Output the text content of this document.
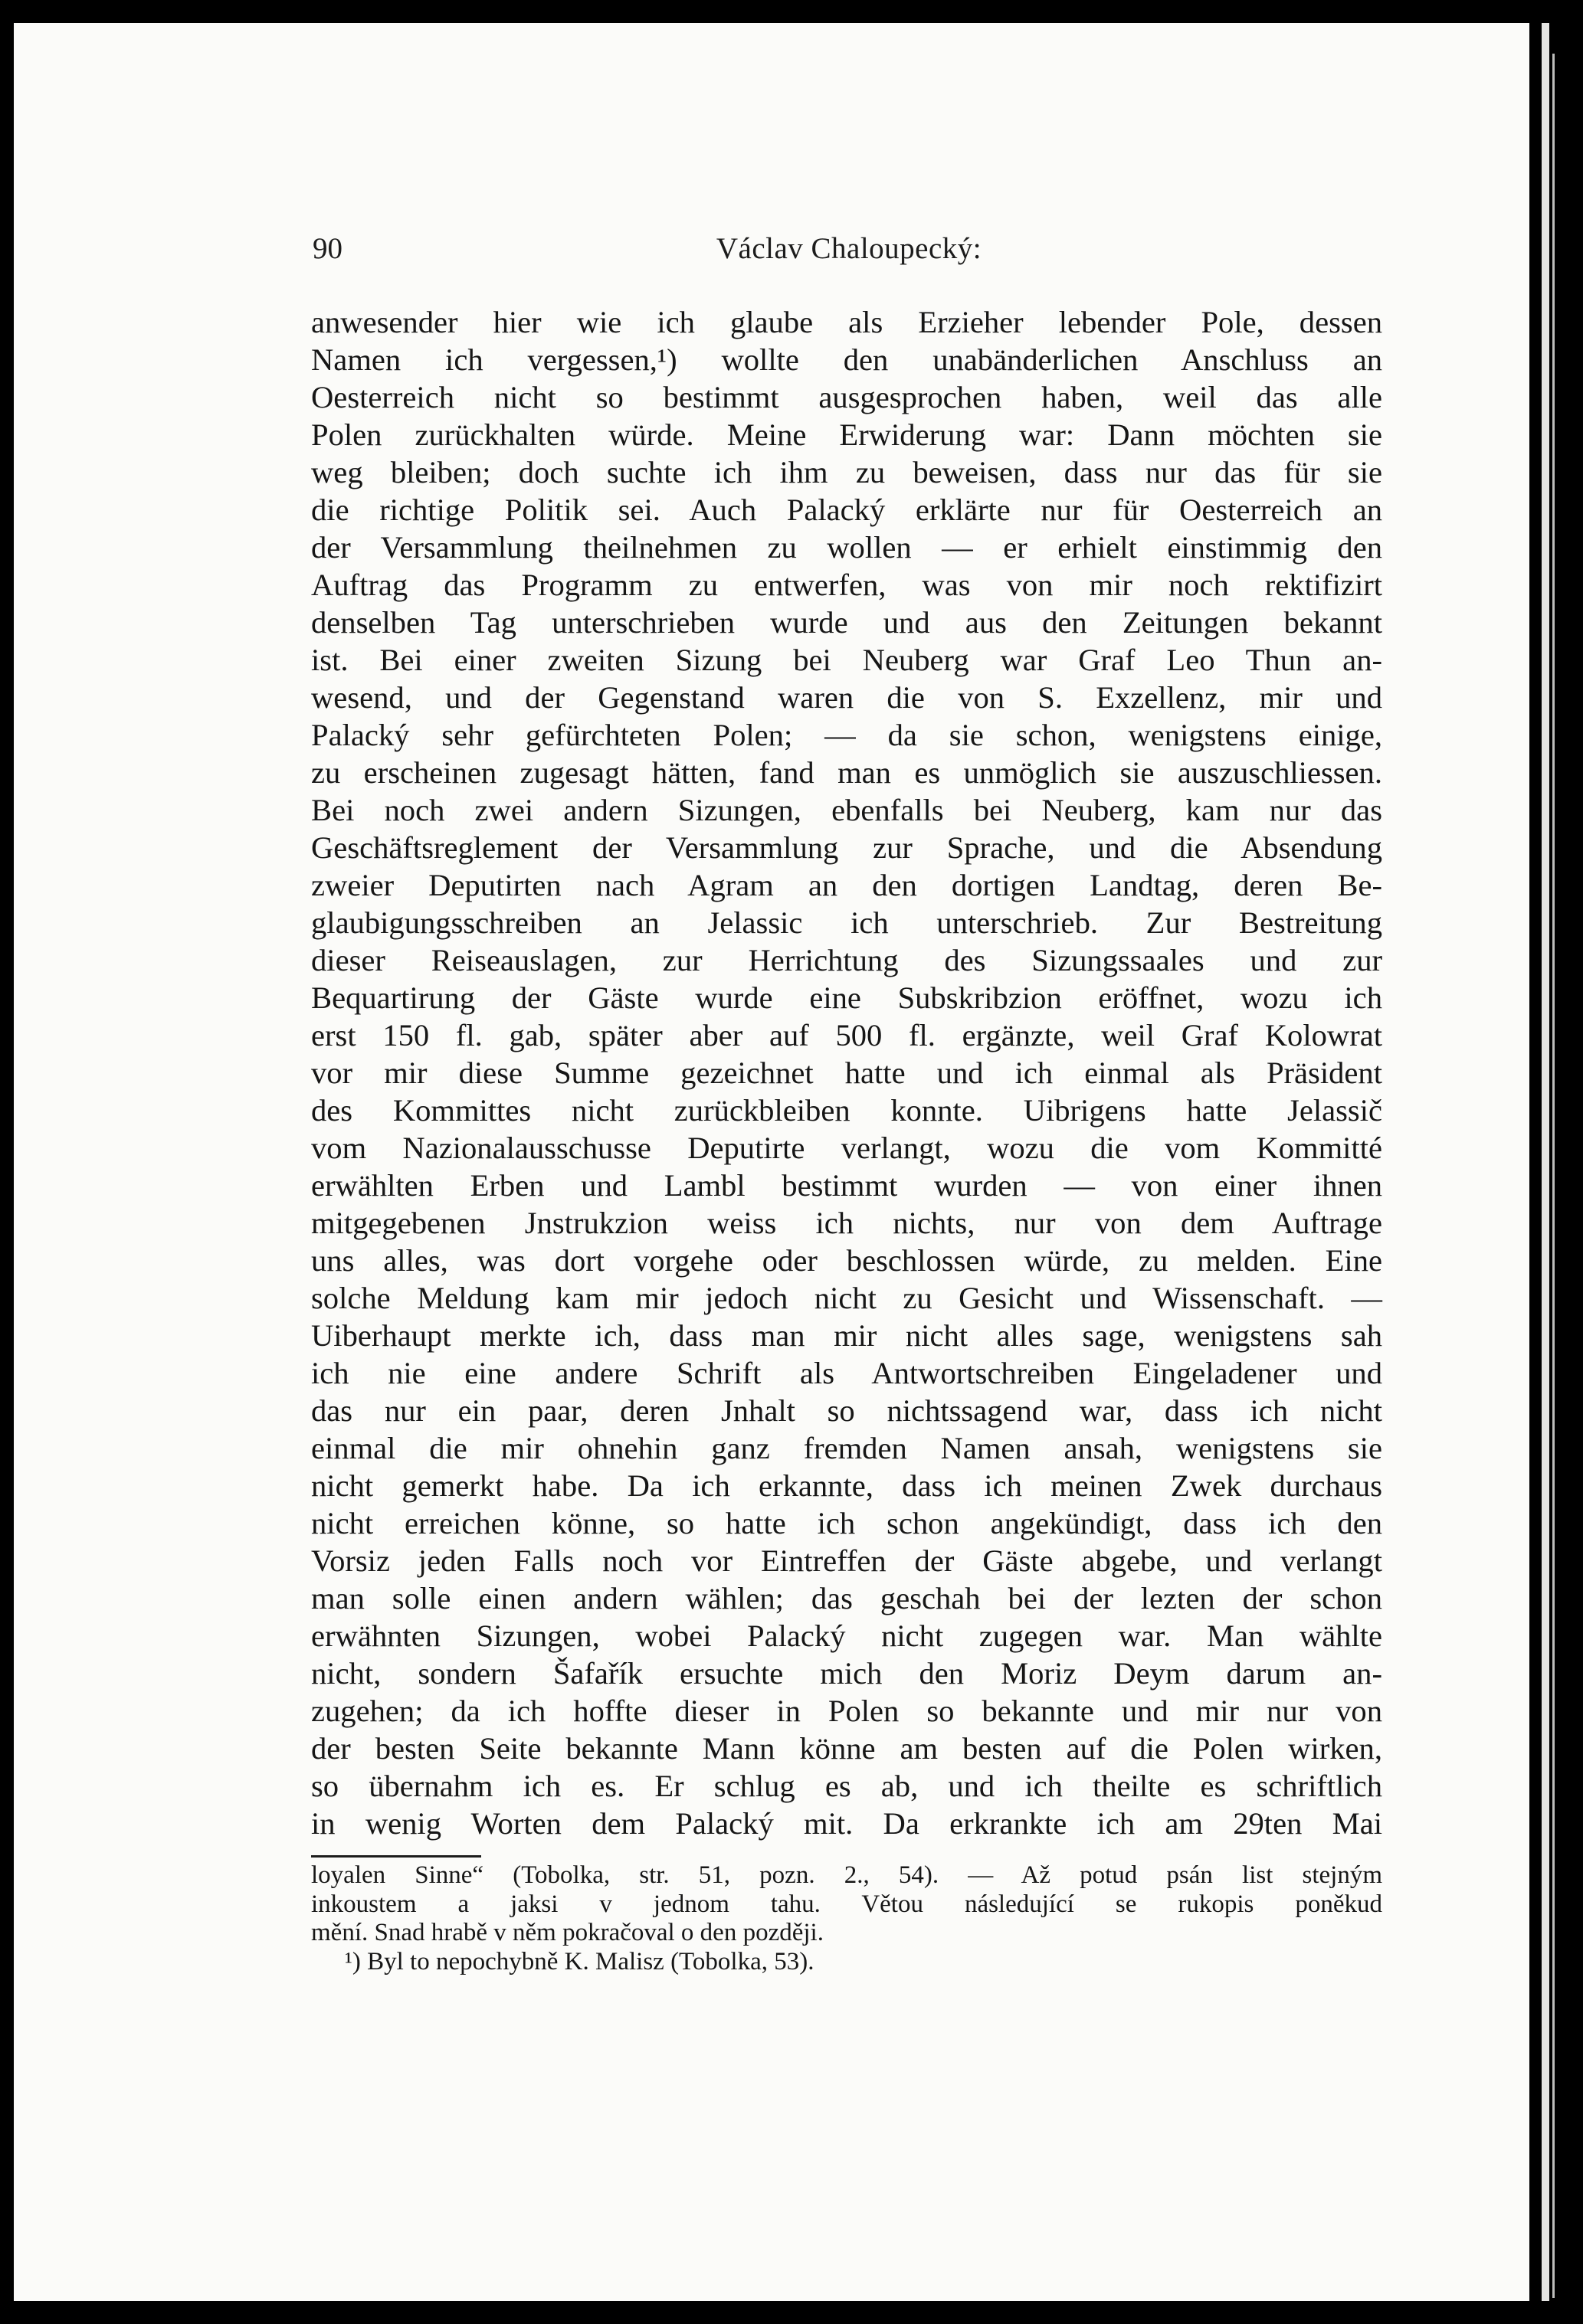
90	Václav Chaloupecký:
anwesender hier wie ich glaube als Erzieher lebender Pole, dessen
Namen ich vergessen,¹) wollte den unabänderlichen Anschluss an
Oesterreich nicht so bestimmt ausgesprochen haben, weil das alle
Polen zurückhalten würde. Meine Erwiderung war: Dann möchten sie
weg bleiben; doch suchte ich ihm zu beweisen, dass nur das für sie
die richtige Politik sei. Auch Palacký erklärte nur für Oesterreich an
der Versammlung theilnehmen zu wollen — er erhielt einstimmig den
Auftrag das Programm zu entwerfen, was von mir noch rektifizirt
denselben Tag unterschrieben wurde und aus den Zeitungen bekannt
ist. Bei einer zweiten Sizung bei Neuberg war Graf Leo Thun an-
wesend, und der Gegenstand waren die von S. Exzellenz, mir und
Palacký sehr gefürchteten Polen; — da sie schon, wenigstens einige,
zu erscheinen zugesagt hätten, fand man es unmöglich sie auszuschliessen.
Bei noch zwei andern Sizungen, ebenfalls bei Neuberg, kam nur das
Geschäftsreglement der Versammlung zur Sprache, und die Absendung
zweier Deputirten nach Agram an den dortigen Landtag, deren Be-
glaubigungsschreiben an Jelassic ich unterschrieb. Zur Bestreitung
dieser Reiseauslagen, zur Herrichtung des Sizungssaales und zur
Bequartirung der Gäste wurde eine Subskribzion eröffnet, wozu ich
erst 150 fl. gab, später aber auf 500 fl. ergänzte, weil Graf Kolowrat
vor mir diese Summe gezeichnet hatte und ich einmal als Präsident
des Kommittes nicht zurückbleiben konnte. Uibrigens hatte Jelassič
vom Nazionalausschusse Deputirte verlangt, wozu die vom Kommitté
erwählten Erben und Lambl bestimmt wurden — von einer ihnen
mitgegebenen Jnstrukzion weiss ich nichts, nur von dem Auftrage
uns alles, was dort vorgehe oder beschlossen würde, zu melden. Eine
solche Meldung kam mir jedoch nicht zu Gesicht und Wissenschaft. —
Uiberhaupt merkte ich, dass man mir nicht alles sage, wenigstens sah
ich nie eine andere Schrift als Antwortschreiben Eingeladener und
das nur ein paar, deren Jnhalt so nichtssagend war, dass ich nicht
einmal die mir ohnehin ganz fremden Namen ansah, wenigstens sie
nicht gemerkt habe. Da ich erkannte, dass ich meinen Zwek durchaus
nicht erreichen könne, so hatte ich schon angekündigt, dass ich den
Vorsiz jeden Falls noch vor Eintreffen der Gäste abgebe, und verlangt
man solle einen andern wählen; das geschah bei der lezten der schon
erwähnten Sizungen, wobei Palacký nicht zugegen war. Man wählte
nicht, sondern Šafařík ersuchte mich den Moriz Deym darum an-
zugehen; da ich hoffte dieser in Polen so bekannte und mir nur von
der besten Seite bekannte Mann könne am besten auf die Polen wirken,
so übernahm ich es. Er schlug es ab, und ich theilte es schriftlich
in wenig Worten dem Palacký mit. Da erkrankte ich am 29ten Mai
loyalen Sinne“ (Tobolka, str. 51, pozn. 2., 54). — Až potud psán list stejným
inkoustem a jaksi v jednom tahu. Větou následující se rukopis poněkud
mění. Snad hrabě v něm pokračoval o den později.
¹) Byl to nepochybně K. Malisz (Tobolka, 53).
